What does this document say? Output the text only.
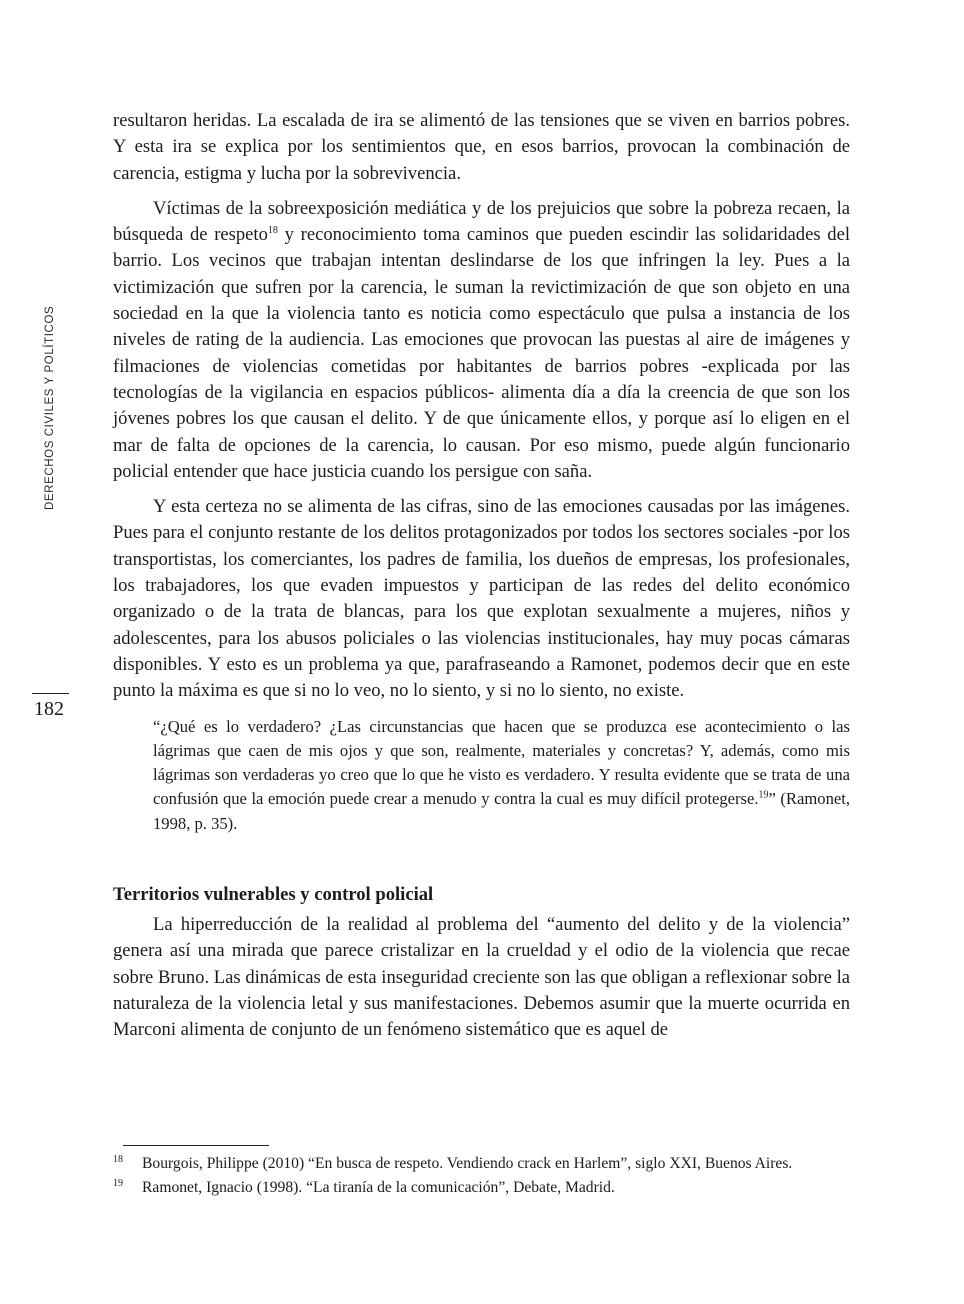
DERECHOS CIVILES Y POLÍTICOS
182

resultaron heridas. La escalada de ira se alimentó de las tensiones que se viven en barrios pobres. Y esta ira se explica por los sentimientos que, en esos barrios, provocan la combinación de carencia, estigma y lucha por la sobrevivencia.

Víctimas de la sobreexposición mediática y de los prejuicios que sobre la pobreza recaen, la búsqueda de respeto$^{18}$ y reconocimiento toma caminos que pueden escindir las solidaridades del barrio. Los vecinos que trabajan intentan deslindarse de los que infringen la ley. Pues a la victimización que sufren por la carencia, le suman la revictimización de que son objeto en una sociedad en la que la violencia tanto es noticia como espectáculo que pulsa a instancia de los niveles de rating de la audiencia. Las emociones que provocan las puestas al aire de imágenes y filmaciones de violencias cometidas por habitantes de barrios pobres -explicada por las tecnologías de la vigilancia en espacios públicos- alimenta día a día la creencia de que son los jóvenes pobres los que causan el delito. Y de que únicamente ellos, y porque así lo eligen en el mar de falta de opciones de la carencia, lo causan. Por eso mismo, puede algún funcionario policial entender que hace justicia cuando los persigue con saña.

Y esta certeza no se alimenta de las cifras, sino de las emociones causadas por las imágenes. Pues para el conjunto restante de los delitos protagonizados por todos los sectores sociales -por los transportistas, los comerciantes, los padres de familia, los dueños de empresas, los profesionales, los trabajadores, los que evaden impuestos y participan de las redes del delito económico organizado o de la trata de blancas, para los que explotan sexualmente a mujeres, niños y adolescentes, para los abusos policiales o las violencias institucionales, hay muy pocas cámaras disponibles. Y esto es un problema ya que, parafraseando a Ramonet, podemos decir que en este punto la máxima es que si no lo veo, no lo siento, y si no lo siento, no existe.

“¿Qué es lo verdadero? ¿Las circunstancias que hacen que se produzca ese acontecimiento o las lágrimas que caen de mis ojos y que son, realmente, materiales y concretas? Y, además, como mis lágrimas son verdaderas yo creo que lo que he visto es verdadero. Y resulta evidente que se trata de una confusión que la emoción puede crear a menudo y contra la cual es muy difícil protegerse.$^{19}$” (Ramonet, 1998, p. 35).

Territorios vulnerables y control policial

La hiperreducción de la realidad al problema del “aumento del delito y de la violencia” genera así una mirada que parece cristalizar en la crueldad y el odio de la violencia que recae sobre Bruno. Las dinámicas de esta inseguridad creciente son las que obligan a reflexionar sobre la naturaleza de la violencia letal y sus manifestaciones. Debemos asumir que la muerte ocurrida en Marconi alimenta de conjunto de un fenómeno sistemático que es aquel de

18	Bourgois, Philippe (2010) “En busca de respeto. Vendiendo crack en Harlem”, siglo XXI, Buenos Aires.
19	Ramonet, Ignacio (1998). “La tiranía de la comunicación”, Debate, Madrid.
